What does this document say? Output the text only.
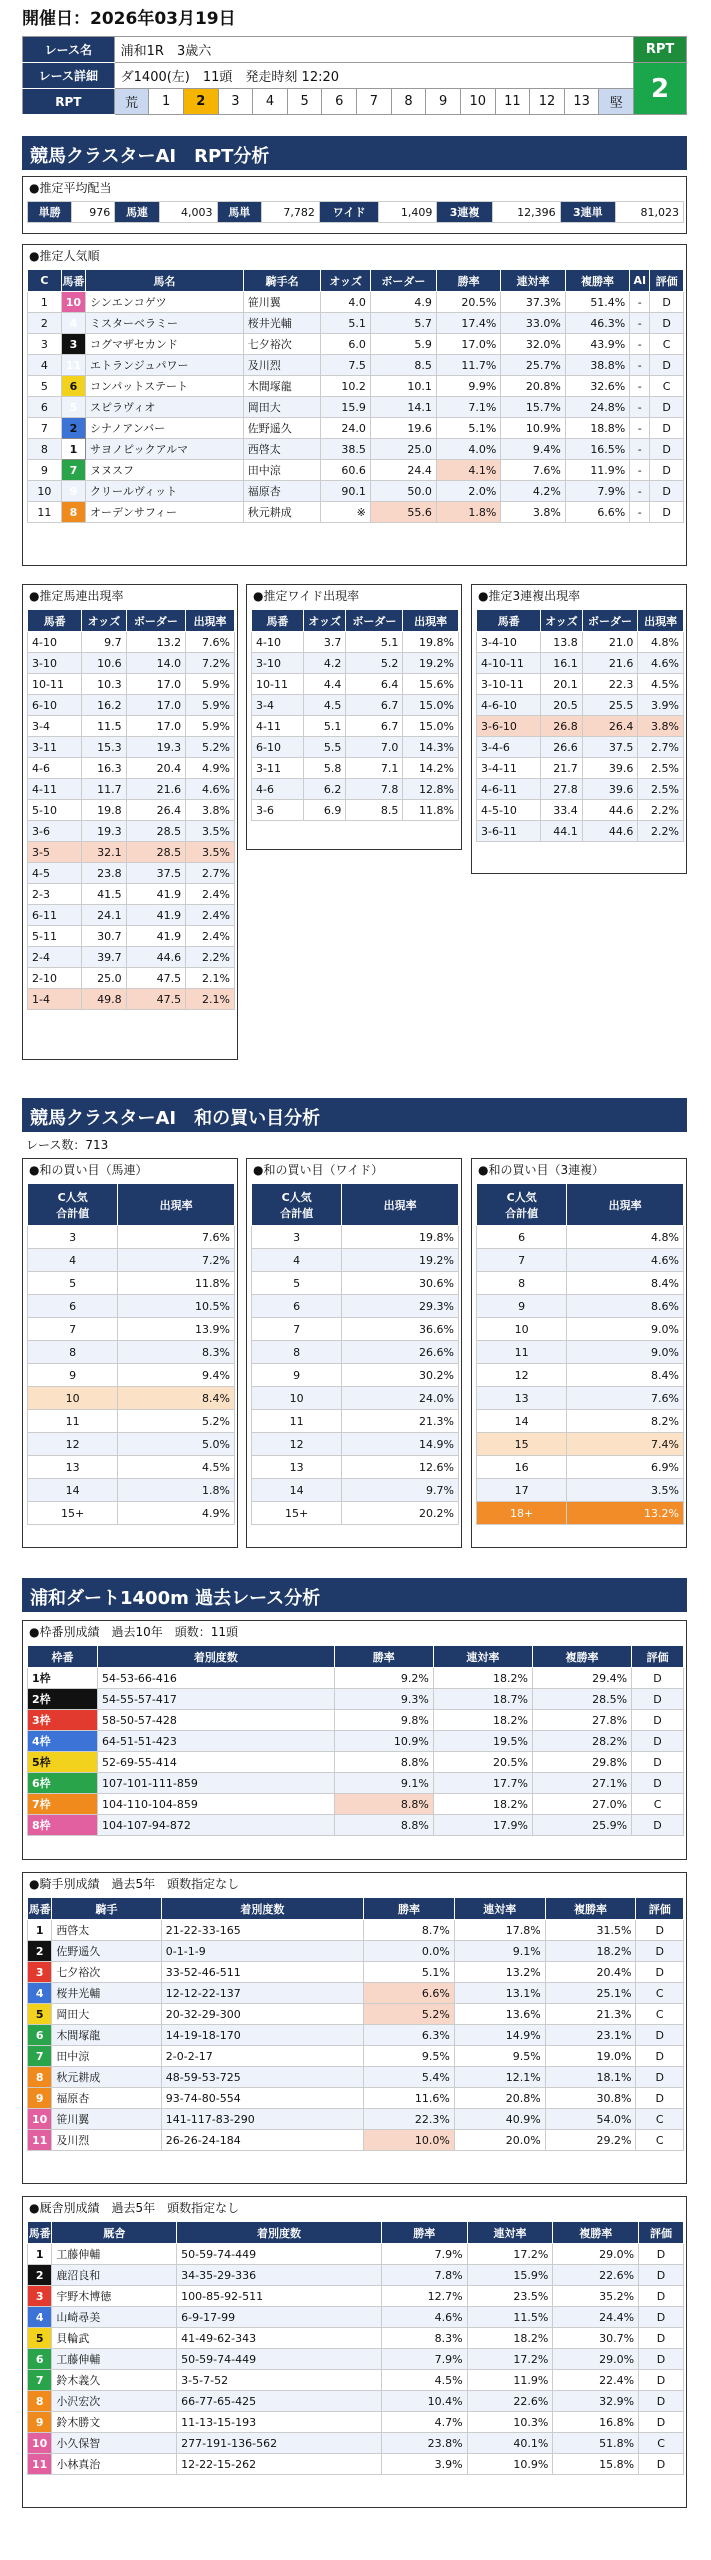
開催日：2026年03月19日
レース名	浦和1R　3歳六															RPT
レース詳細	ダ1400(左)　11頭　発走時刻 12:20															2
RPT	荒	1	2	3	4	5	6	7	8	9	10	11	12	13	堅	
競馬クラスターAI　RPT分析
●推定平均配当
単勝	976	馬連	4,003	馬単	7,782	ワイド	1,409	3連複	12,396	3連単	81,023
●推定人気順
C	馬番	馬名	騎手名	オッズ	ボーダー	勝率	連対率	複勝率	AI	評価
1	10	シンエンコゲツ	笹川翼	4.0	4.9	20.5%	37.3%	51.4%	-	D
2	4	ミスターベラミー	桜井光輔	5.1	5.7	17.4%	33.0%	46.3%	-	D
3	3	コグマザセカンド	七夕裕次	6.0	5.9	17.0%	32.0%	43.9%	-	C
4	11	エトランジュパワー	及川烈	7.5	8.5	11.7%	25.7%	38.8%	-	D
5	6	コンパットステート	木間塚龍	10.2	10.1	9.9%	20.8%	32.6%	-	C
6	5	スピラヴィオ	岡田大	15.9	14.1	7.1%	15.7%	24.8%	-	D
7	2	シナノアンバー	佐野遥久	24.0	19.6	5.1%	10.9%	18.8%	-	D
8	1	サヨノピックアルマ	西啓太	38.5	25.0	4.0%	9.4%	16.5%	-	D
9	7	ヌヌスフ	田中涼	60.6	24.4	4.1%	7.6%	11.9%	-	D
10	9	クリールヴィット	福原杏	90.1	50.0	2.0%	4.2%	7.9%	-	D
11	8	オーデンサフィー	秋元耕成	※	55.6	1.8%	3.8%	6.6%	-	D
●推定馬連出現率
馬番	オッズ	ボーダー	出現率
4-10	9.7	13.2	7.6%
3-10	10.6	14.0	7.2%
10-11	10.3	17.0	5.9%
6-10	16.2	17.0	5.9%
3-4	11.5	17.0	5.9%
3-11	15.3	19.3	5.2%
4-6	16.3	20.4	4.9%
4-11	11.7	21.6	4.6%
5-10	19.8	26.4	3.8%
3-6	19.3	28.5	3.5%
3-5	32.1	28.5	3.5%
4-5	23.8	37.5	2.7%
2-3	41.5	41.9	2.4%
6-11	24.1	41.9	2.4%
5-11	30.7	41.9	2.4%
2-4	39.7	44.6	2.2%
2-10	25.0	47.5	2.1%
1-4	49.8	47.5	2.1%
●推定ワイド出現率
馬番	オッズ	ボーダー	出現率
4-10	3.7	5.1	19.8%
3-10	4.2	5.2	19.2%
10-11	4.4	6.4	15.6%
3-4	4.5	6.7	15.0%
4-11	5.1	6.7	15.0%
6-10	5.5	7.0	14.3%
3-11	5.8	7.1	14.2%
4-6	6.2	7.8	12.8%
3-6	6.9	8.5	11.8%
●推定3連複出現率
馬番	オッズ	ボーダー	出現率
3-4-10	13.8	21.0	4.8%
4-10-11	16.1	21.6	4.6%
3-10-11	20.1	22.3	4.5%
4-6-10	20.5	25.5	3.9%
3-6-10	26.8	26.4	3.8%
3-4-6	26.6	37.5	2.7%
3-4-11	21.7	39.6	2.5%
4-6-11	27.8	39.6	2.5%
4-5-10	33.4	44.6	2.2%
3-6-11	44.1	44.6	2.2%
競馬クラスターAI　和の買い目分析
レース数：713
●和の買い目（馬連）
C人気
合計値	出現率
3	7.6%
4	7.2%
5	11.8%
6	10.5%
7	13.9%
8	8.3%
9	9.4%
10	8.4%
11	5.2%
12	5.0%
13	4.5%
14	1.8%
15+	4.9%
●和の買い目（ワイド）
C人気
合計値	出現率
3	19.8%
4	19.2%
5	30.6%
6	29.3%
7	36.6%
8	26.6%
9	30.2%
10	24.0%
11	21.3%
12	14.9%
13	12.6%
14	9.7%
15+	20.2%
●和の買い目（3連複）
C人気
合計値	出現率
6	4.8%
7	4.6%
8	8.4%
9	8.6%
10	9.0%
11	9.0%
12	8.4%
13	7.6%
14	8.2%
15	7.4%
16	6.9%
17	3.5%
18+	13.2%
浦和ダート1400m 過去レース分析
●枠番別成績　過去10年　頭数：11頭
枠番	着別度数	勝率	連対率	複勝率	評価
1枠	54-53-66-416	9.2%	18.2%	29.4%	D
2枠	54-55-57-417	9.3%	18.7%	28.5%	D
3枠	58-50-57-428	9.8%	18.2%	27.8%	D
4枠	64-51-51-423	10.9%	19.5%	28.2%	D
5枠	52-69-55-414	8.8%	20.5%	29.8%	D
6枠	107-101-111-859	9.1%	17.7%	27.1%	D
7枠	104-110-104-859	8.8%	18.2%	27.0%	C
8枠	104-107-94-872	8.8%	17.9%	25.9%	D
●騎手別成績　過去5年　頭数指定なし
馬番	騎手	着別度数	勝率	連対率	複勝率	評価
1	西啓太	21-22-33-165	8.7%	17.8%	31.5%	D
2	佐野遥久	0-1-1-9	0.0%	9.1%	18.2%	D
3	七夕裕次	33-52-46-511	5.1%	13.2%	20.4%	D
4	桜井光輔	12-12-22-137	6.6%	13.1%	25.1%	C
5	岡田大	20-32-29-300	5.2%	13.6%	21.3%	C
6	木間塚龍	14-19-18-170	6.3%	14.9%	23.1%	D
7	田中涼	2-0-2-17	9.5%	9.5%	19.0%	D
8	秋元耕成	48-59-53-725	5.4%	12.1%	18.1%	D
9	福原杏	93-74-80-554	11.6%	20.8%	30.8%	D
10	笹川翼	141-117-83-290	22.3%	40.9%	54.0%	C
11	及川烈	26-26-24-184	10.0%	20.0%	29.2%	C
●厩舎別成績　過去5年　頭数指定なし
馬番	厩舎	着別度数	勝率	連対率	複勝率	評価
1	工藤伸輔	50-59-74-449	7.9%	17.2%	29.0%	D
2	鹿沼良和	34-35-29-336	7.8%	15.9%	22.6%	D
3	宇野木博徳	100-85-92-511	12.7%	23.5%	35.2%	D
4	山崎尋美	6-9-17-99	4.6%	11.5%	24.4%	D
5	貝輪武	41-49-62-343	8.3%	18.2%	30.7%	D
6	工藤伸輔	50-59-74-449	7.9%	17.2%	29.0%	D
7	鈴木義久	3-5-7-52	4.5%	11.9%	22.4%	D
8	小沢宏次	66-77-65-425	10.4%	22.6%	32.9%	D
9	鈴木勝文	11-13-15-193	4.7%	10.3%	16.8%	D
10	小久保智	277-191-136-562	23.8%	40.1%	51.8%	C
11	小林真治	12-22-15-262	3.9%	10.9%	15.8%	D
